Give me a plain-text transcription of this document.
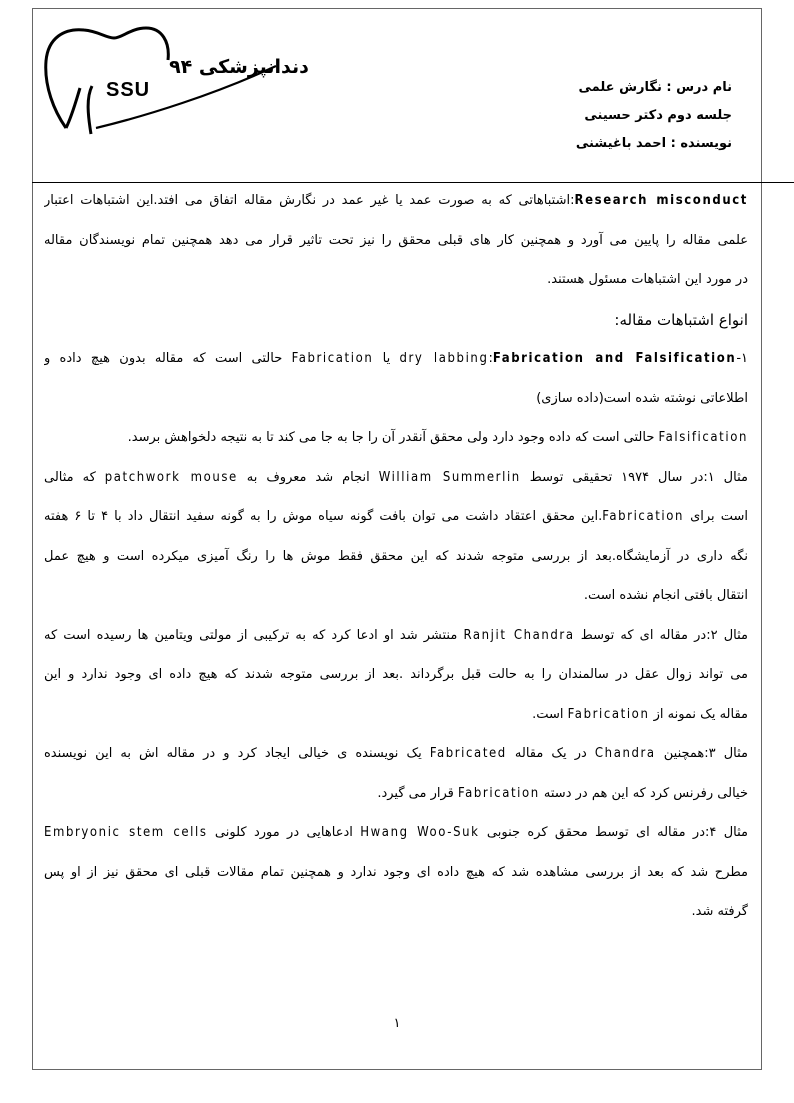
دندانپزشکی ۹۴
SSU	نام درس : نگارش علمی
جلسه دوم دکتر حسینی
نویسنده : احمد باغیشنی
Research misconduct:اشتباهاتی که به صورت عمد یا غیر عمد در نگارش مقاله اتفاق می افتد.این اشتباهات اعتبار
علمی مقاله را پایین می آورد و همچنین کار های قبلی محقق را نیز تحت تاثیر قرار می دهد همچنین تمام نویسندگان مقاله
در مورد این اشتباهات مسئول هستند.
انواع اشتباهات مقاله:
۱-Fabrication and Falsification:dry labbing یا Fabrication حالتی است که مقاله بدون هیچ داده و
اطلاعاتی نوشته شده است(داده سازی)
Falsification حالتی است که داده وجود دارد ولی محقق آنقدر آن را جا به جا می کند تا به نتیجه دلخواهش برسد.
مثال ۱:در سال ۱۹۷۴ تحقیقی توسط William Summerlin انجام شد معروف به patchwork mouse که مثالی
است برای Fabrication.این محقق اعتقاد داشت می توان بافت گونه سیاه موش را به گونه سفید انتقال داد با ۴ تا ۶ هفته
نگه داری در آزمایشگاه.بعد از بررسی متوجه شدند که این محقق فقط موش ها را رنگ آمیزی میکرده است و هیچ عمل
انتقال بافتی انجام نشده است.
مثال ۲:در مقاله ای که توسط Ranjit Chandra منتشر شد او ادعا کرد که به ترکیبی از مولتی ویتامین ها رسیده است که
می تواند زوال عقل در سالمندان را به حالت قبل برگرداند .بعد از بررسی متوجه شدند که هیچ داده ای وجود ندارد و این
مقاله یک نمونه از Fabrication است.
مثال ۳:همچنین Chandra در یک مقاله Fabricated یک نویسنده ی خیالی ایجاد کرد و در مقاله اش به این نویسنده
خیالی رفرنس کرد که این هم در دسته Fabrication قرار می گیرد.
مثال ۴:در مقاله ای توسط محقق کره جنوبی Hwang Woo-Suk ادعاهایی در مورد کلونی Embryonic stem cells
مطرح شد که بعد از بررسی مشاهده شد که هیچ داده ای وجود ندارد و همچنین تمام مقالات قبلی ای محقق نیز از او پس
گرفته شد.
۱
